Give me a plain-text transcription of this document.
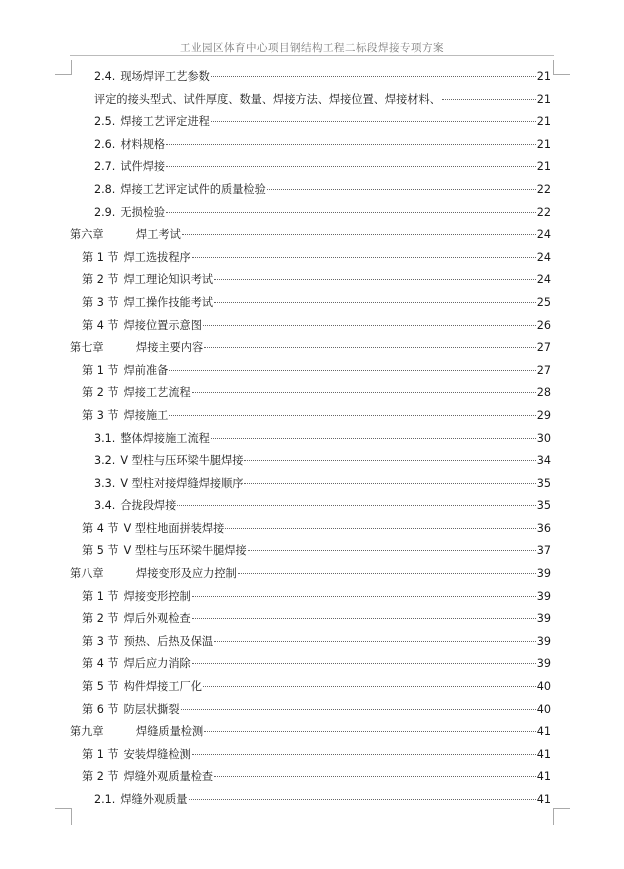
工业园区体育中心项目钢结构工程二标段焊接专项方案
2.4. 现场焊评工艺参数	21
评定的接头型式、试件厚度、数量、焊接方法、焊接位置、焊接材料、	21
2.5. 焊接工艺评定进程	21
2.6. 材料规格	21
2.7. 试件焊接	21
2.8. 焊接工艺评定试件的质量检验	22
2.9. 无损检验	22
第六章	焊工考试	24
第 1 节 焊工选拔程序	24
第 2 节 焊工理论知识考试	24
第 3 节 焊工操作技能考试	25
第 4 节 焊接位置示意图	26
第七章	焊接主要内容	27
第 1 节 焊前准备	27
第 2 节 焊接工艺流程	28
第 3 节 焊接施工	29
3.1. 整体焊接施工流程	30
3.2. V 型柱与压环梁牛腿焊接	34
3.3. V 型柱对接焊缝焊接顺序	35
3.4. 合拢段焊接	35
第 4 节 V 型柱地面拼装焊接	36
第 5 节 V 型柱与压环梁牛腿焊接	37
第八章	焊接变形及应力控制	39
第 1 节 焊接变形控制	39
第 2 节 焊后外观检查	39
第 3 节 预热、后热及保温	39
第 4 节 焊后应力消除	39
第 5 节 构件焊接工厂化	40
第 6 节 防层状撕裂	40
第九章	焊缝质量检测	41
第 1 节 安装焊缝检测	41
第 2 节 焊缝外观质量检查	41
2.1. 焊缝外观质量	41
